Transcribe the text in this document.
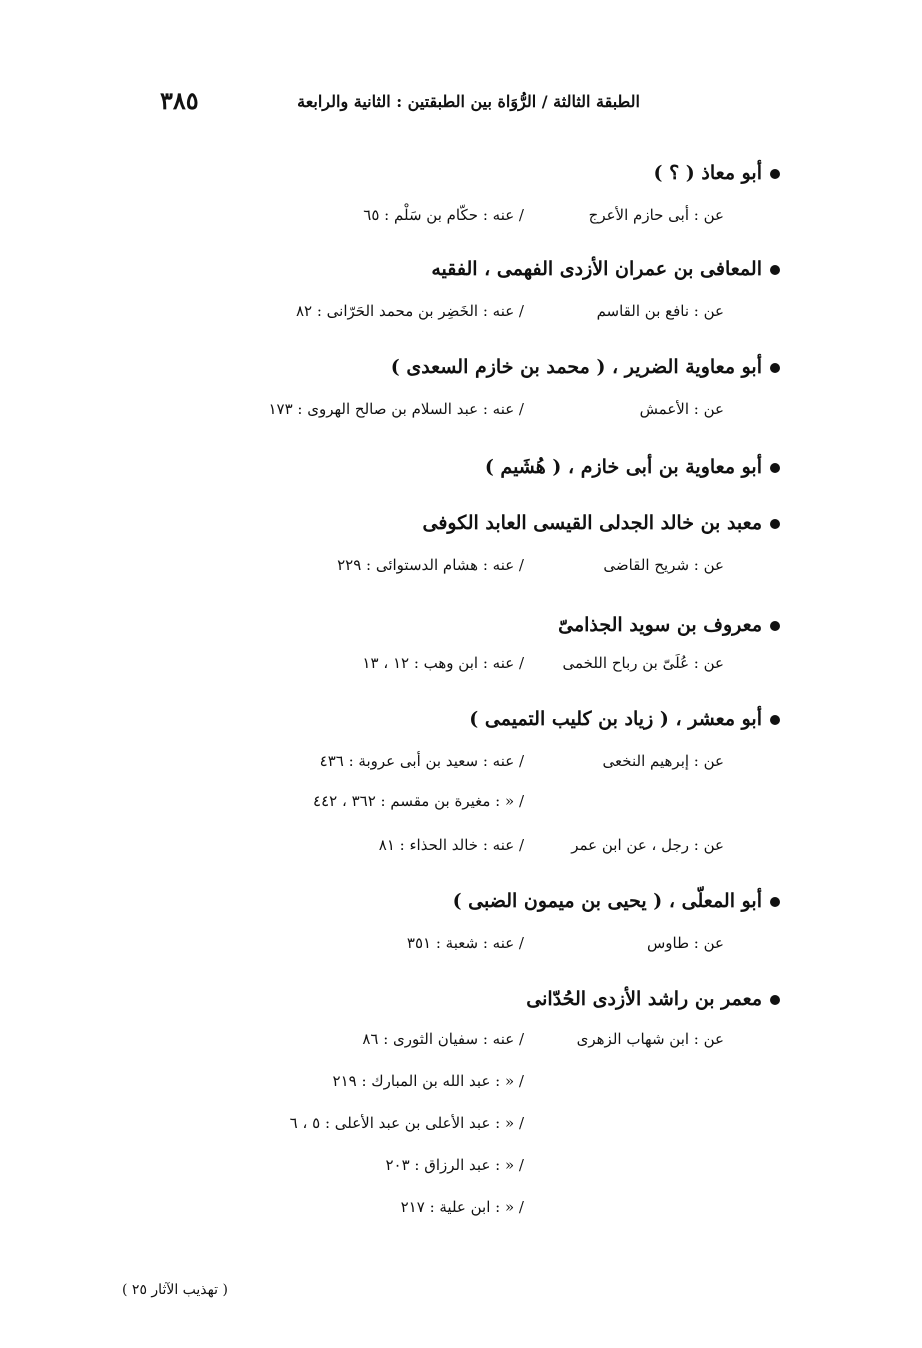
الطبقة الثالثة / الرُّوَاة بين الطبقتين : الثانية والرابعة
٣٨٥
أبو معاذ ( ؟ )
عن : أبى حازم الأعرج
/ عنه : حكّام بن سَلْم : ٦٥
المعافى بن عمران الأزدى الفهمى ، الفقيه
عن : نافع بن القاسم
/ عنه : الخَضِر بن محمد الحَرّانى : ٨٢
أبو معاوية الضرير ، ( محمد بن خازم السعدى )
عن : الأعمش
/ عنه : عبد السلام بن صالح الهروى : ١٧٣
أبو معاوية بن أبى خازم ، ( هُشَيم )
معبد بن خالد الجدلى القيسى العابد الكوفى
عن : شريح القاضى
/ عنه : هشام الدستوائى : ٢٢٩
معروف بن سويد الجذامىّ
عن : عُلَىّ بن رباح اللخمى
/ عنه : ابن وهب : ١٢ ، ١٣
أبو معشر ، ( زياد بن كليب التميمى )
عن : إبرهيم النخعى
/ عنه : سعيد بن أبى عروبة : ٤٣٦
/ « : مغيرة بن مقسم : ٣٦٢ ، ٤٤٢
عن : رجل ، عن ابن عمر
/ عنه : خالد الحذاء : ٨١
أبو المعلّى ، ( يحيى بن ميمون الضبى )
عن : طاوس
/ عنه : شعبة : ٣٥١
معمر بن راشد الأزدى الحُدّانى
عن : ابن شهاب الزهرى
/ عنه : سفيان الثورى : ٨٦
/ « : عبد الله بن المبارك : ٢١٩
/ « : عبد الأعلى بن عبد الأعلى : ٥ ، ٦
/ « : عبد الرزاق : ٢٠٣
/ « : ابن علية : ٢١٧
( تهذيب الآثار ٢٥ )
